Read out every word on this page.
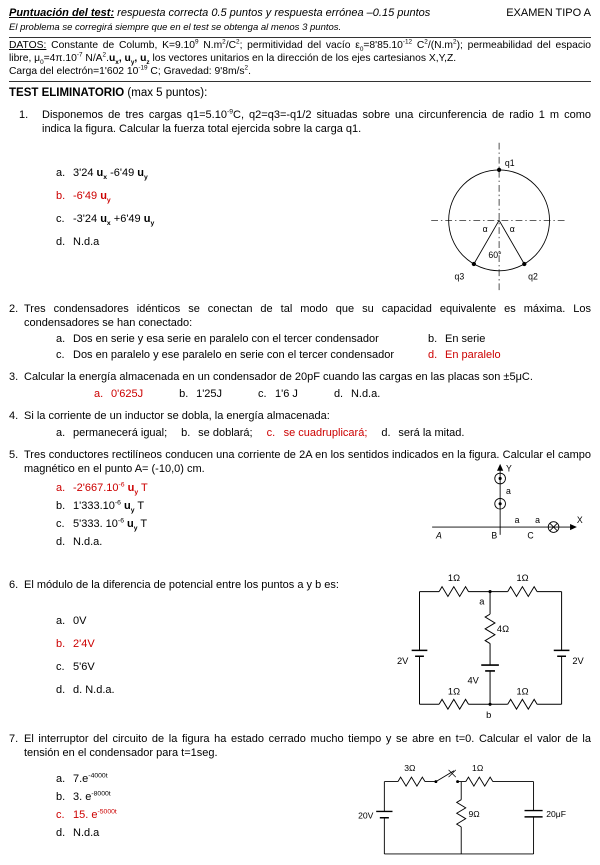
Puntuación del test: respuesta correcta 0.5 puntos y respuesta errónea –0.15 puntos	EXAMEN TIPO A
El problema se corregirá siempre que en el test se obtenga al menos 3 puntos.
DATOS: Constante de Columb, $K=9.10^9$ $N.m^2/C^2$; permitividad del vacío $\varepsilon_0=8'85.10^{-12}$ $C^2/(N.m^2)$; permeabilidad del espacio libre, $\mu_0=4\pi.10^{-7}$ $N/A^2.u_x$, $u_y$, $u_z$ los vectores unitarios en la dirección de los ejes cartesianos X,Y,Z.
Carga del electrón=1'602 $10^{-19}$ C; Gravedad: $9'8m/s^2$.
TEST ELIMINATORIO (max 5 puntos):
1.	Disponemos de tres cargas $q1=5.10^{-9}C$, q2=q3=-q1/2 situadas sobre una circunferencia de radio 1 m como indica la figura. Calcular la fuerza total ejercida sobre la carga q1.
a. 3'24 $u_x$ -6'49 $u_y$
b. -6'49 $u_y$
c. -3'24 $u_x +6'49$ $u_y$
d. N.d.a
q1
q3	q2
α α
60°
2. Tres condensadores idénticos se conectan de tal modo que su capacidad equivalente es máxima. Los condensadores se han conectado:
a. Dos en serie y esa serie en paralelo con el tercer condensador	b. En serie
c. Dos en paralelo y ese paralelo en serie con el tercer condensador	d. En paralelo
3. Calcular la energía almacenada en un condensador de 20pF cuando las cargas en las placas son ±5μC.
a. 0'625J	b. 1'25J	c. 1'6 J	d. N.d.a.
4. Si la corriente de un inductor se dobla, la energía almacenada:
a. permanecerá igual; b. se doblará; c. se cuadruplicará; d. será la mitad.
5. Tres conductores rectilíneos conducen una corriente de 2A en los sentidos indicados en la figura. Calcular el campo magnético en el punto A= (-10,0) cm.
a. $-2'667.10^{-6}$ $u_y$ T
b. $1'333.10^{-6}$ $u_y$ T
c. 5'333. $10^{-6}$ $u_y$ T
d. N.d.a.
Y
X
a
a a
A	B	C
6. El módulo de la diferencia de potencial entre los puntos a y b es:
a. 0V
b. 2'4V
c. 5'6V
d. d. N.d.a.
1Ω	1Ω
a
4Ω
2V
4V
2V
1Ω	1Ω
b
7. El interruptor del circuito de la figura ha estado cerrado mucho tiempo y se abre en t=0. Calcular el valor de la tensión en el condensador para t=1seg.
a. $7.e^{-4000t}$
b. 3. $e^{-8000t}$
c. 15. $e^{-5000t}$
d. N.d.a
3Ω	1Ω
20V	9Ω	20μF
